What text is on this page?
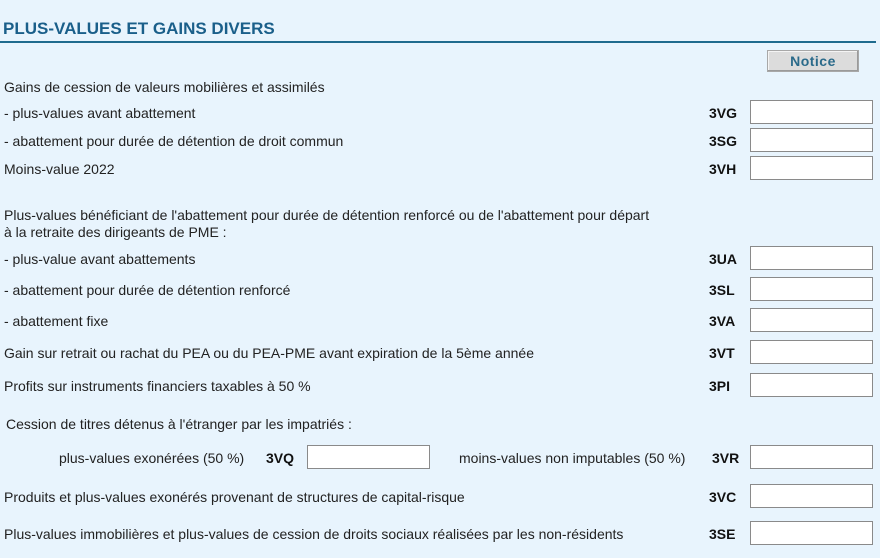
PLUS-VALUES ET GAINS DIVERS
Notice
Gains de cession de valeurs mobilières et assimilés
- plus-values avant abattement	3VG
- abattement pour durée de détention de droit commun	3SG
Moins-value 2022	3VH
Plus-values bénéficiant de l'abattement pour durée de détention renforcé ou de l'abattement pour départ
à la retraite des dirigeants de PME :
- plus-value avant abattements	3UA
- abattement pour durée de détention renforcé	3SL
- abattement fixe	3VA
Gain sur retrait ou rachat du PEA ou du PEA-PME avant expiration de la 5ème année	3VT
Profits sur instruments financiers taxables à 50 %	3PI
Cession de titres détenus à l'étranger par les impatriés :
plus-values exonérées (50 %) 3VQ	moins-values non imputables (50 %) 3VR
Produits et plus-values exonérés provenant de structures de capital-risque	3VC
Plus-values immobilières et plus-values de cession de droits sociaux réalisées par les non-résidents	3SE
